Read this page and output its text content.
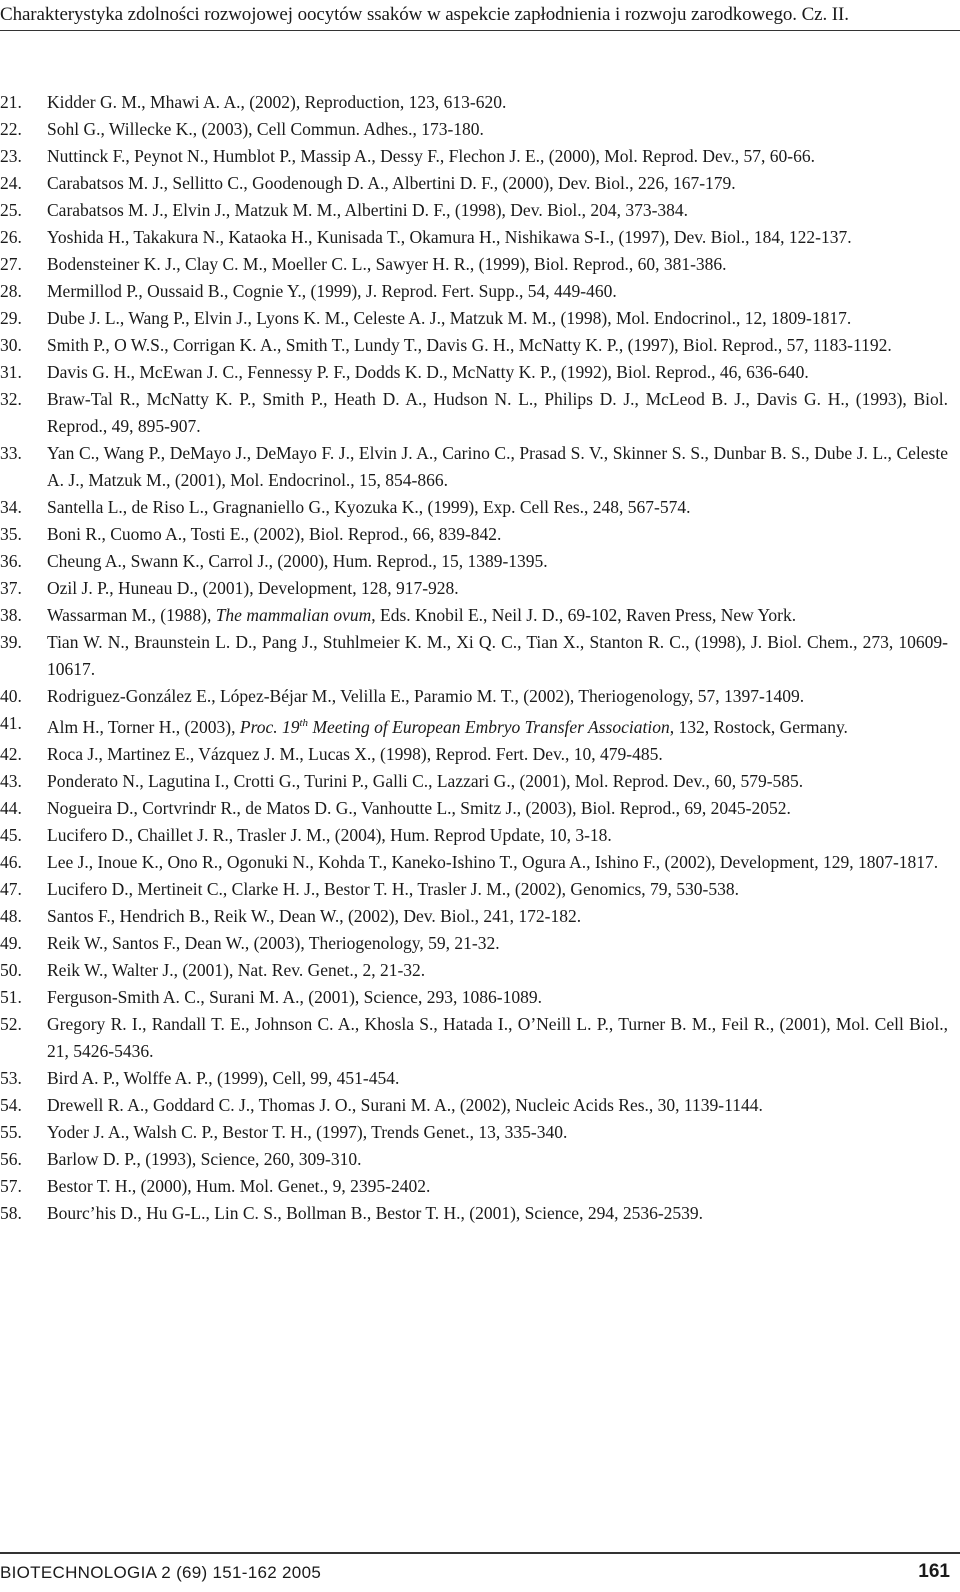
Charakterystyka zdolności rozwojowej oocytów ssaków w aspekcie zapłodnienia i rozwoju zarodkowego. Cz. II.
21.	Kidder G. M., Mhawi A. A., (2002), Reproduction, 123, 613-620.
22.	Sohl G., Willecke K., (2003), Cell Commun. Adhes., 173-180.
23.	Nuttinck F., Peynot N., Humblot P., Massip A., Dessy F., Flechon J. E., (2000), Mol. Reprod. Dev., 57, 60-66.
24.	Carabatsos M. J., Sellitto C., Goodenough D. A., Albertini D. F., (2000), Dev. Biol., 226, 167-179.
25.	Carabatsos M. J., Elvin J., Matzuk M. M., Albertini D. F., (1998), Dev. Biol., 204, 373-384.
26.	Yoshida H., Takakura N., Kataoka H., Kunisada T., Okamura H., Nishikawa S-I., (1997), Dev. Biol., 184, 122-137.
27.	Bodensteiner K. J., Clay C. M., Moeller C. L., Sawyer H. R., (1999), Biol. Reprod., 60, 381-386.
28.	Mermillod P., Oussaid B., Cognie Y., (1999), J. Reprod. Fert. Supp., 54, 449-460.
29.	Dube J. L., Wang P., Elvin J., Lyons K. M., Celeste A. J., Matzuk M. M., (1998), Mol. Endocrinol., 12, 1809-1817.
30.	Smith P., O W.S., Corrigan K. A., Smith T., Lundy T., Davis G. H., McNatty K. P., (1997), Biol. Reprod., 57, 1183-1192.
31.	Davis G. H., McEwan J. C., Fennessy P. F., Dodds K. D., McNatty K. P., (1992), Biol. Reprod., 46, 636-640.
32.	Braw-Tal R., McNatty K. P., Smith P., Heath D. A., Hudson N. L., Philips D. J., McLeod B. J., Davis G. H., (1993), Biol. Reprod., 49, 895-907.
33.	Yan C., Wang P., DeMayo J., DeMayo F. J., Elvin J. A., Carino C., Prasad S. V., Skinner S. S., Dunbar B. S., Dube J. L., Celeste A. J., Matzuk M., (2001), Mol. Endocrinol., 15, 854-866.
34.	Santella L., de Riso L., Gragnaniello G., Kyozuka K., (1999), Exp. Cell Res., 248, 567-574.
35.	Boni R., Cuomo A., Tosti E., (2002), Biol. Reprod., 66, 839-842.
36.	Cheung A., Swann K., Carrol J., (2000), Hum. Reprod., 15, 1389-1395.
37.	Ozil J. P., Huneau D., (2001), Development, 128, 917-928.
38.	Wassarman M., (1988), The mammalian ovum, Eds. Knobil E., Neil J. D., 69-102, Raven Press, New York.
39.	Tian W. N., Braunstein L. D., Pang J., Stuhlmeier K. M., Xi Q. C., Tian X., Stanton R. C., (1998), J. Biol. Chem., 273, 10609-10617.
40.	Rodriguez-González E., López-Béjar M., Velilla E., Paramio M. T., (2002), Theriogenology, 57, 1397-1409.
41.	Alm H., Torner H., (2003), Proc. 19th Meeting of European Embryo Transfer Association, 132, Rostock, Germany.
42.	Roca J., Martinez E., Vázquez J. M., Lucas X., (1998), Reprod. Fert. Dev., 10, 479-485.
43.	Ponderato N., Lagutina I., Crotti G., Turini P., Galli C., Lazzari G., (2001), Mol. Reprod. Dev., 60, 579-585.
44.	Nogueira D., Cortvrindr R., de Matos D. G., Vanhoutte L., Smitz J., (2003), Biol. Reprod., 69, 2045-2052.
45.	Lucifero D., Chaillet J. R., Trasler J. M., (2004), Hum. Reprod Update, 10, 3-18.
46.	Lee J., Inoue K., Ono R., Ogonuki N., Kohda T., Kaneko-Ishino T., Ogura A., Ishino F., (2002), Development, 129, 1807-1817.
47.	Lucifero D., Mertineit C., Clarke H. J., Bestor T. H., Trasler J. M., (2002), Genomics, 79, 530-538.
48.	Santos F., Hendrich B., Reik W., Dean W., (2002), Dev. Biol., 241, 172-182.
49.	Reik W., Santos F., Dean W., (2003), Theriogenology, 59, 21-32.
50.	Reik W., Walter J., (2001), Nat. Rev. Genet., 2, 21-32.
51.	Ferguson-Smith A. C., Surani M. A., (2001), Science, 293, 1086-1089.
52.	Gregory R. I., Randall T. E., Johnson C. A., Khosla S., Hatada I., O’Neill L. P., Turner B. M., Feil R., (2001), Mol. Cell Biol., 21, 5426-5436.
53.	Bird A. P., Wolffe A. P., (1999), Cell, 99, 451-454.
54.	Drewell R. A., Goddard C. J., Thomas J. O., Surani M. A., (2002), Nucleic Acids Res., 30, 1139-1144.
55.	Yoder J. A., Walsh C. P., Bestor T. H., (1997), Trends Genet., 13, 335-340.
56.	Barlow D. P., (1993), Science, 260, 309-310.
57.	Bestor T. H., (2000), Hum. Mol. Genet., 9, 2395-2402.
58.	Bourc’his D., Hu G-L., Lin C. S., Bollman B., Bestor T. H., (2001), Science, 294, 2536-2539.
BIOTECHNOLOGIA 2 (69) 151-162 2005	161
